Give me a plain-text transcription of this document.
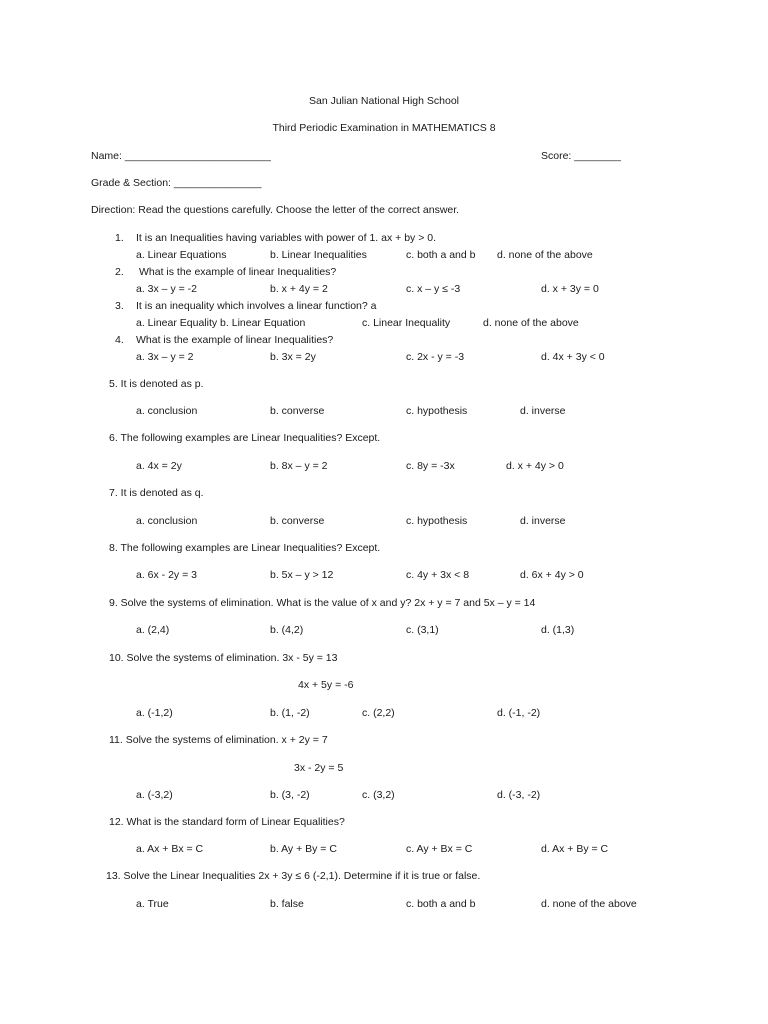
San Julian National High School
Third Periodic Examination in MATHEMATICS 8
Name: _________________________	Score: ________
Grade & Section: _______________
Direction: Read the questions carefully. Choose the letter of the correct answer.
1. It is an Inequalities having variables with power of 1. ax + by > 0.
a. Linear Equations	b. Linear Inequalities	c. both a and b d. none of the above
2. What is the example of linear Inequalities?
a. 3x – y = -2	b. x + 4y = 2	c. x – y ≤ -3	d. x + 3y = 0
3. It is an inequality which involves a linear function? a
a. Linear Equality b. Linear Equation	c. Linear Inequality	d. none of the above
4. What is the example of linear Inequalities?
a. 3x – y = 2	b. 3x = 2y	c. 2x - y = -3	d. 4x + 3y < 0
5. It is denoted as p.
a. conclusion	b. converse	c. hypothesis	d. inverse
6. The following examples are Linear Inequalities? Except.
a. 4x = 2y	b. 8x – y = 2	c. 8y = -3x	d. x + 4y > 0
7. It is denoted as q.
a. conclusion	b. converse	c. hypothesis	d. inverse
8. The following examples are Linear Inequalities? Except.
a. 6x - 2y = 3	b. 5x – y > 12	c. 4y + 3x < 8	d. 6x + 4y > 0
9. Solve the systems of elimination. What is the value of x and y? 2x + y = 7 and 5x – y = 14
a. (2,4)	b. (4,2)	c. (3,1)	d. (1,3)
10. Solve the systems of elimination. 3x - 5y = 13
4x + 5y = -6
a. (-1,2)	b. (1, -2)	c. (2,2)	d. (-1, -2)
11. Solve the systems of elimination. x + 2y = 7
3x - 2y = 5
a. (-3,2)	b. (3, -2)	c. (3,2)	d. (-3, -2)
12. What is the standard form of Linear Equalities?
a. Ax + Bx = C	b. Ay + By = C	c. Ay + Bx = C	d. Ax + By = C
13. Solve the Linear Inequalities 2x + 3y ≤ 6 (-2,1). Determine if it is true or false.
a. True	b. false	c. both a and b	d. none of the above
